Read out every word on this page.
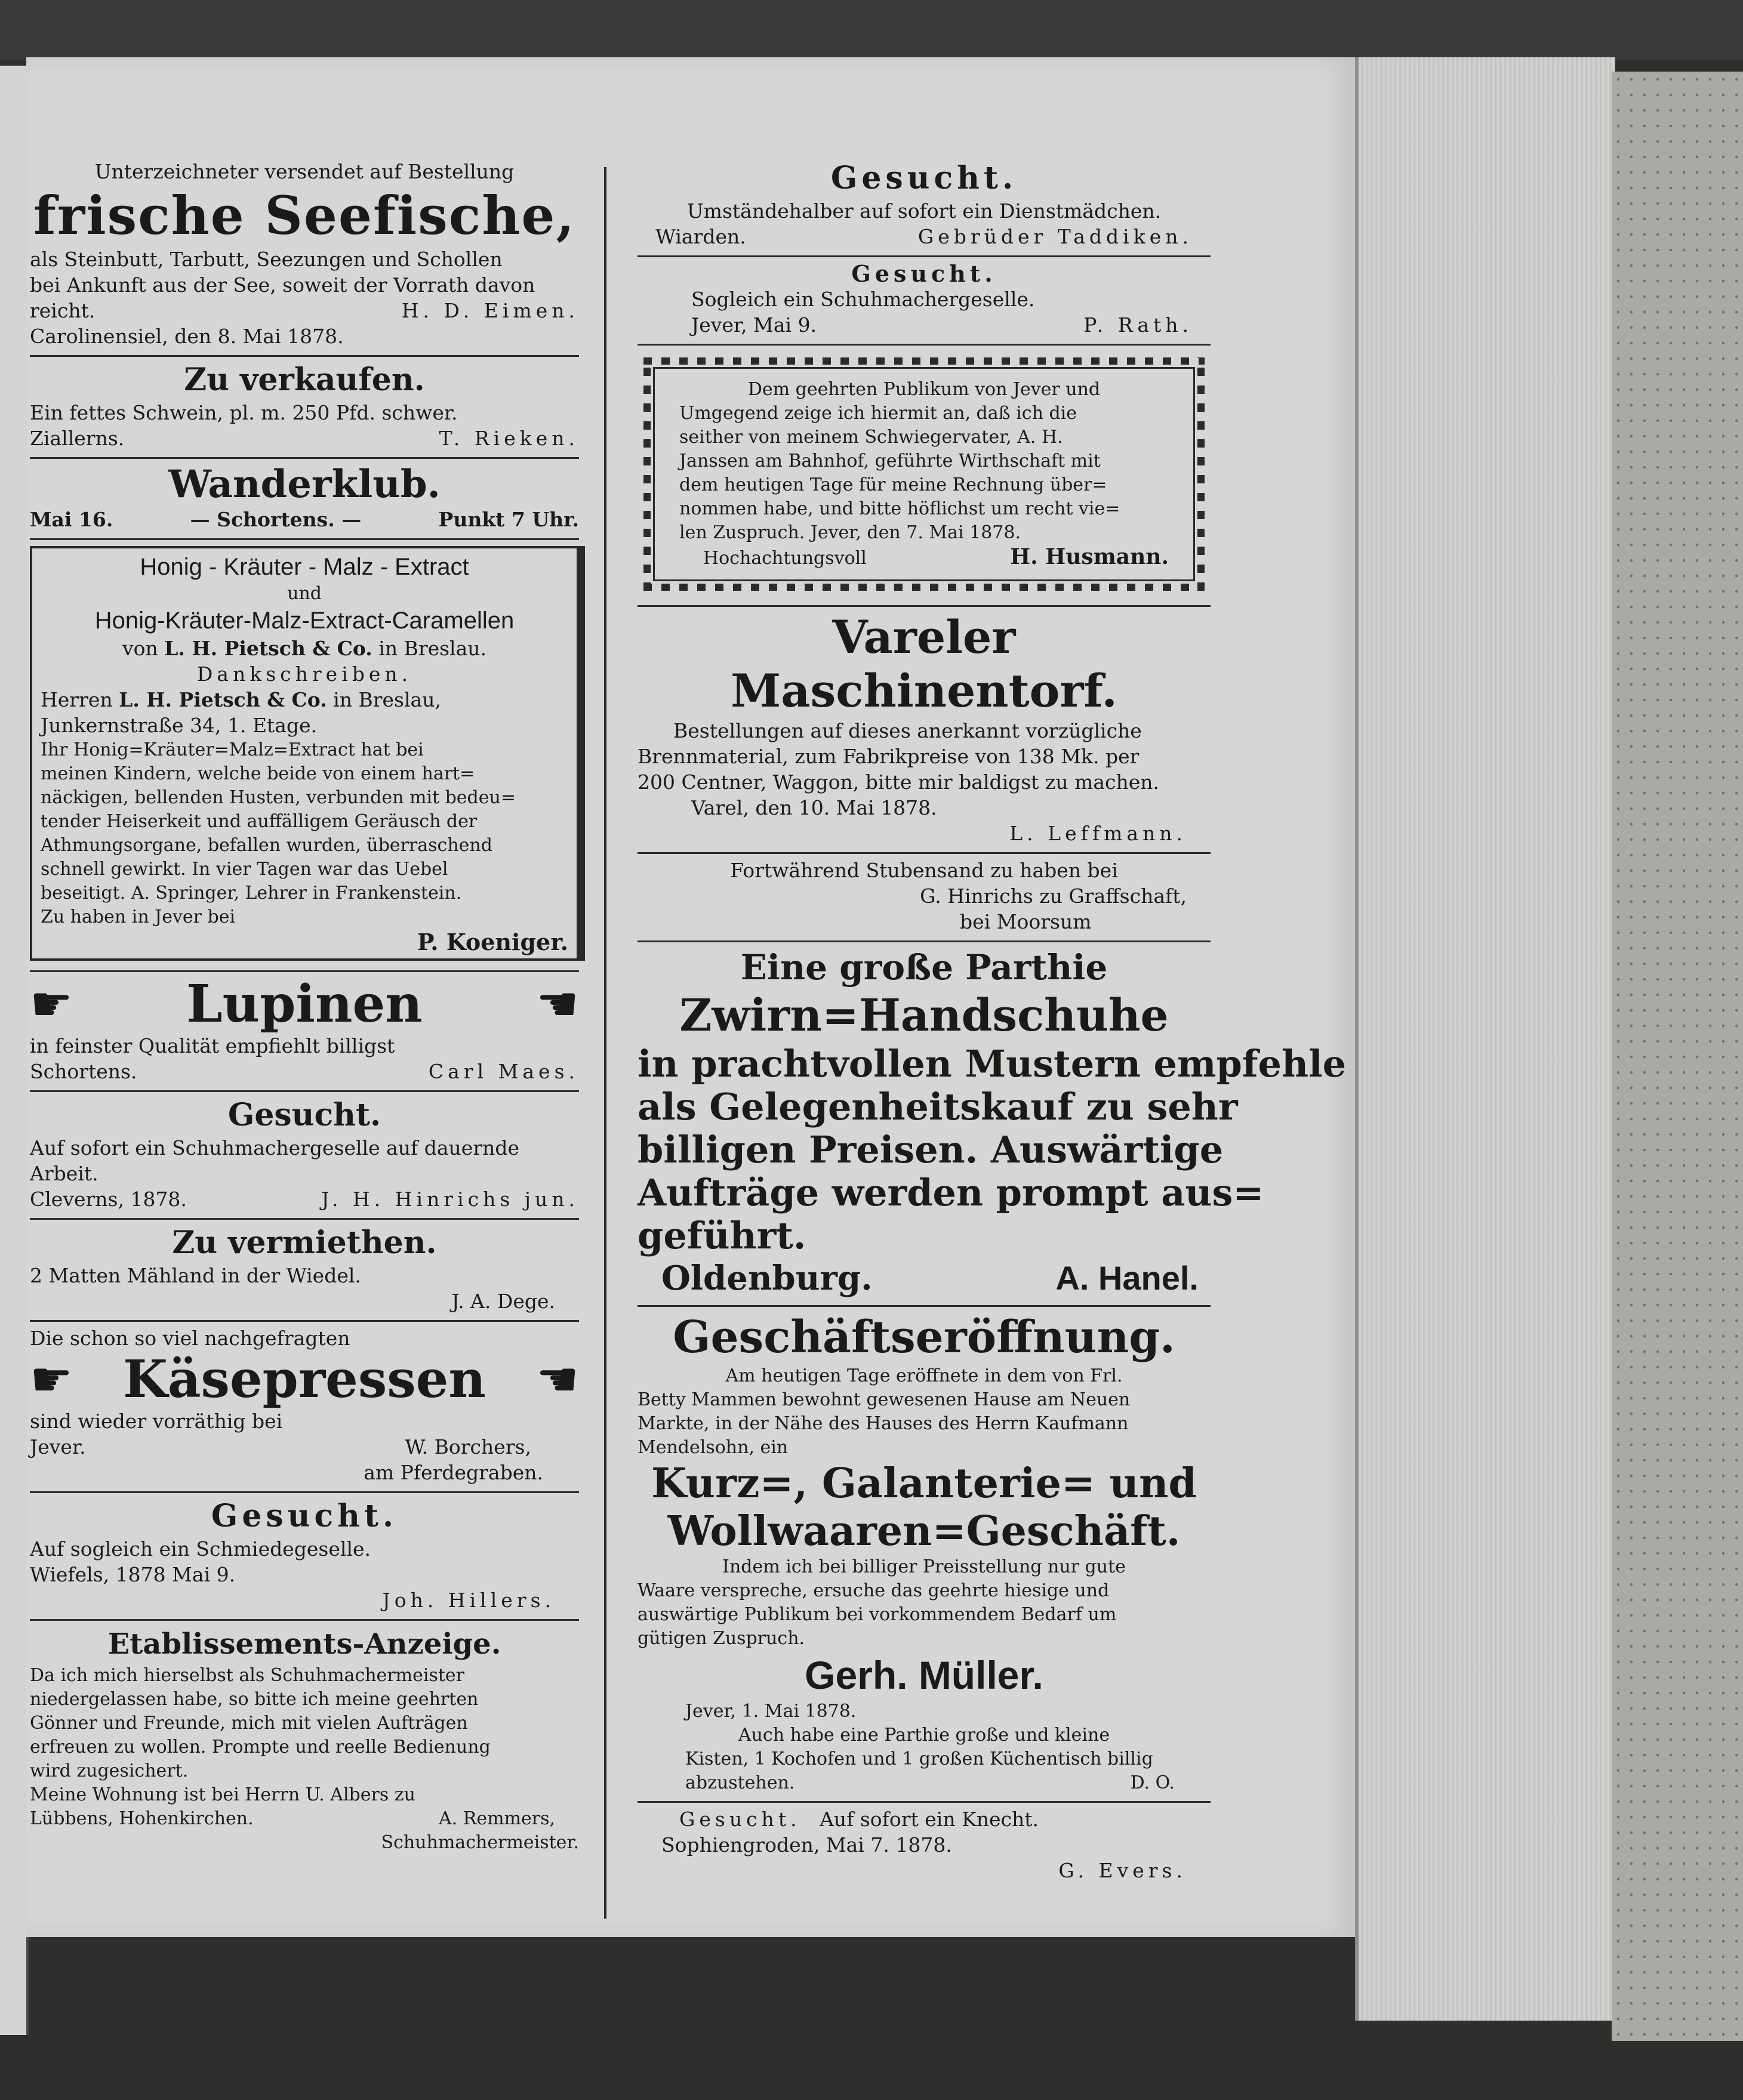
Unterzeichneter versendet auf Bestellung
frische Seefische,
als Steinbutt, Tarbutt, Seezungen und Schollen
bei Ankunft aus der See, soweit der Vorrath davon
reicht.	H. D. Eimen.
Carolinensiel, den 8. Mai 1878.
Zu verkaufen.
Ein fettes Schwein, pl. m. 250 Pfd. schwer.
Ziallerns.	T. Rieken.
Wanderklub.
Mai 16.	— Schortens. —	Punkt 7 Uhr.
Honig - Kräuter - Malz - Extract
und
Honig-Kräuter-Malz-Extract-Caramellen
von L. H. Pietsch & Co. in Breslau.
Dankschreiben.
Herren L. H. Pietsch & Co. in Breslau,
Junkernstraße 34, 1. Etage.
Ihr Honig=Kräuter=Malz=Extract hat bei
meinen Kindern, welche beide von einem hart=
näckigen, bellenden Husten, verbunden mit bedeu=
tender Heiserkeit und auffälligem Geräusch der
Athmungsorgane, befallen wurden, überraschend
schnell gewirkt. In vier Tagen war das Uebel
beseitigt. A. Springer, Lehrer in Frankenstein.
Zu haben in Jever bei
P. Koeniger.
☛	Lupinen	☚
in feinster Qualität empfiehlt billigst
Schortens.	Carl Maes.
Gesucht.
Auf sofort ein Schuhmachergeselle auf dauernde
Arbeit.
Cleverns, 1878.	J. H. Hinrichs jun.
Zu vermiethen.
2 Matten Mähland in der Wiedel.
J. A. Dege.
Die schon so viel nachgefragten
☛ Käsepressen	☚
sind wieder vorräthig bei
Jever.	W. Borchers,
am Pferdegraben.
Gesucht.
Auf sogleich ein Schmiedegeselle.
Wiefels, 1878 Mai 9.
Joh. Hillers.
Etablissements-Anzeige.
Da ich mich hierselbst als Schuhmachermeister
niedergelassen habe, so bitte ich meine geehrten
Gönner und Freunde, mich mit vielen Aufträgen
erfreuen zu wollen. Prompte und reelle Bedienung
wird zugesichert.
Meine Wohnung ist bei Herrn U. Albers zu
Lübbens, Hohenkirchen.	A. Remmers,
Schuhmachermeister.
Gesucht.
Umständehalber auf sofort ein Dienstmädchen.
Wiarden.	Gebrüder Taddiken.
Gesucht.
Sogleich ein Schuhmachergeselle.
Jever, Mai 9.	P. Rath.
Dem geehrten Publikum von Jever und
Umgegend zeige ich hiermit an, daß ich die
seither von meinem Schwiegervater, A. H.
Janssen am Bahnhof, geführte Wirthschaft mit
dem heutigen Tage für meine Rechnung über=
nommen habe, und bitte höflichst um recht vie=
len Zuspruch. Jever, den 7. Mai 1878.
Hochachtungsvoll	H. Husmann.
Vareler Maschinentorf.
Bestellungen auf dieses anerkannt vorzügliche
Brennmaterial, zum Fabrikpreise von 138 Mk. per
200 Centner, Waggon, bitte mir baldigst zu machen.
Varel, den 10. Mai 1878.
L. Leffmann.
Fortwährend Stubensand zu haben bei
G. Hinrichs zu Graffschaft,
bei Moorsum
Eine große Parthie
Zwirn=Handschuhe
in prachtvollen Mustern empfehle
als Gelegenheitskauf zu sehr
billigen Preisen. Auswärtige
Aufträge werden prompt aus=
geführt.
Oldenburg.	A. Hanel.
Geschäftseröffnung.
Am heutigen Tage eröffnete in dem von Frl.
Betty Mammen bewohnt gewesenen Hause am Neuen
Markte, in der Nähe des Hauses des Herrn Kaufmann
Mendelsohn, ein
Kurz=, Galanterie= und
Wollwaaren=Geschäft.
Indem ich bei billiger Preisstellung nur gute
Waare verspreche, ersuche das geehrte hiesige und
auswärtige Publikum bei vorkommendem Bedarf um
gütigen Zuspruch.
Gerh. Müller.
Jever, 1. Mai 1878.
Auch habe eine Parthie große und kleine
Kisten, 1 Kochofen und 1 großen Küchentisch billig
abzustehen.	D. O.
Gesucht. Auf sofort ein Knecht.
Sophiengroden, Mai 7. 1878.
G. Evers.
